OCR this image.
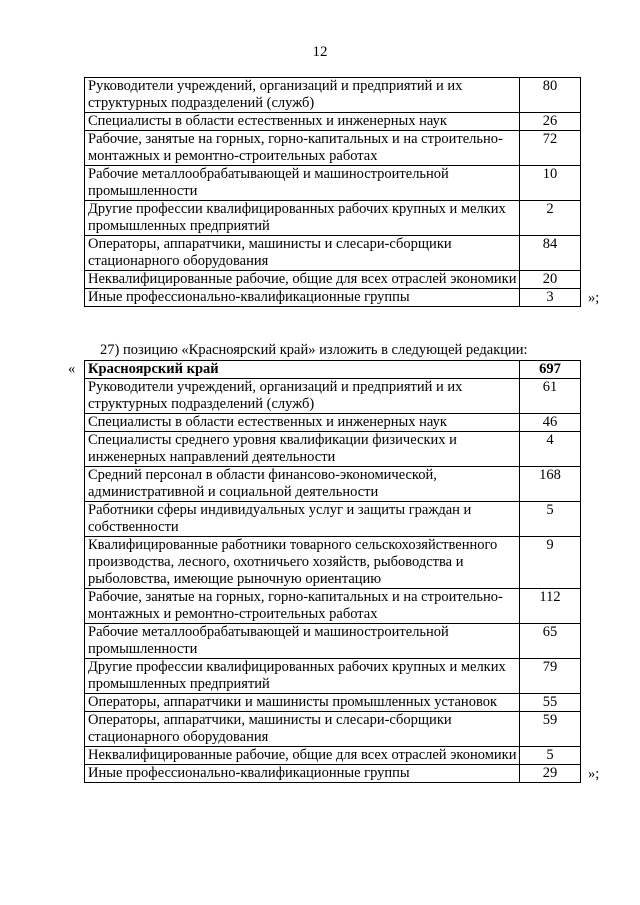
12
Руководители учреждений, организаций и предприятий и их структурных подразделений (служб)	80
Специалисты в области естественных и инженерных наук	26
Рабочие, занятые на горных, горно-капитальных и на строительно-монтажных и ремонтно-строительных работах	72
Рабочие металлообрабатывающей и машиностроительной промышленности	10
Другие профессии квалифицированных рабочих крупных и мелких промышленных предприятий	2
Операторы, аппаратчики, машинисты и слесари-сборщики стационарного оборудования	84
Неквалифицированные рабочие, общие для всех отраслей экономики	20
Иные профессионально-квалификационные группы	3 »;
27) позицию «Красноярский край» изложить в следующей редакции:
« Красноярский край	697
Руководители учреждений, организаций и предприятий и их структурных подразделений (служб)	61
Специалисты в области естественных и инженерных наук	46
Специалисты среднего уровня квалификации физических и инженерных направлений деятельности	4
Средний персонал в области финансово-экономической, административной и социальной деятельности	168
Работники сферы индивидуальных услуг и защиты граждан и собственности	5
Квалифицированные работники товарного сельскохозяйственного производства, лесного, охотничьего хозяйств, рыбоводства и рыболовства, имеющие рыночную ориентацию	9
Рабочие, занятые на горных, горно-капитальных и на строительно-монтажных и ремонтно-строительных работах	112
Рабочие металлообрабатывающей и машиностроительной промышленности	65
Другие профессии квалифицированных рабочих крупных и мелких промышленных предприятий	79
Операторы, аппаратчики и машинисты промышленных установок	55
Операторы, аппаратчики, машинисты и слесари-сборщики стационарного оборудования	59
Неквалифицированные рабочие, общие для всех отраслей экономики	5
Иные профессионально-квалификационные группы	29 »;
